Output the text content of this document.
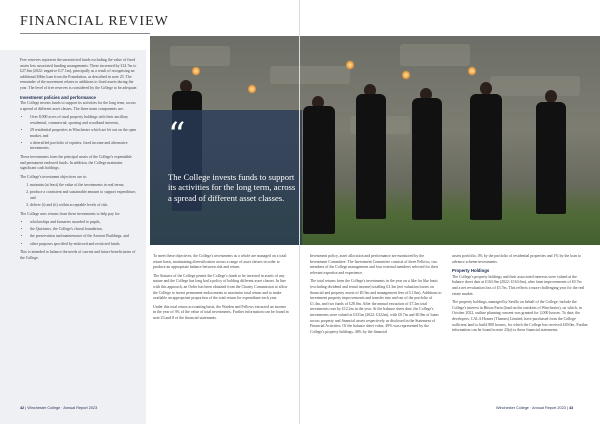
FINANCIAL REVIEW
“
The College invests funds to support its activities for the long term, across a spread of different asset classes.

Free reserves represent the unrestricted funds excluding the value of fixed assets less associated funding arrangements. These increased by £14.7m to £27.6m (2022: negative £17.1m), principally as a result of recognising an additional £60m loan from the Foundation, as described in note 23. The remainder of the movement relates to additions to fixed assets during the year. The level of free reserves is considered by the College to be adequate.

Investment policies and performance

The College invests funds to support its activities for the long term, across a spread of different asset classes. The three main components are:

• Over 8,000 acres of rural property holdings with their ancillary residential, commercial, sporting and woodland interests,
• 29 residential properties in Winchester which are let out on the open market, and
• a diversified portfolio of equities, fixed income and alternative investments.

These investments form the principal assets of the College's expendable and permanent endowed funds. In addition, the College maintains significant cash holdings.

The College's investment objectives are to:

1. maintain (at least) the value of the investments in real terms;
2. produce a consistent and sustainable amount to support expenditure, and
3. deliver (i) and (ii) within acceptable levels of risk.

The College uses returns from these investments to help pay for:

• scholarships and bursaries awarded to pupils,
• the Quiristers, the College's choral foundation,
• the preservation and maintenance of the Ancient Buildings, and
• other purposes specified by endowed and restricted funds.

This is intended to balance the needs of current and future beneficiaries of the College.	To meet these objectives, the College's investments as a whole are managed on a total return basis, maintaining diversification across a range of asset classes in order to produce an appropriate balance between risk and return.

The Statutes of the College permit the College's funds to be invested in assets of any nature and the College has long had a policy of holding different asset classes. In line with this approach, an Order has been obtained from the Charity Commission to allow the College to invest permanent endowments to maximise total return and to make available an appropriate proportion of the total return for expenditure each year.

Under this total return accounting basis, the Warden and Fellows extracted an income in the year of 3% of the value of total investments. Further information can be found in note 23 and 8 of the financial statements.

Investment policy, asset allocation and performance are monitored by the Investment Committee. The Investment Committee consists of three Fellows, two members of the College management and four external members selected for their relevant expertise and experience.

The total returns from the College's investments in the year on a like for like basis (excluding dividend and rental income) totalling £3.3m (net valuation losses on financial and property assets of £0.5m and management fees of £1.0m). Additions to investment property improvements and transfer into and out of the portfolio of £1.4m, and two funds of £28.0m. After the annual extraction of £7.2m total investments rose by £12.2m in the year. At the balance sheet date, the College's investments were valued at £331m (2022: £322m), with £0.7m and £0.8m of loans across property and financial assets respectively as disclosed in the Statement of Financial Activities. Of the balance sheet value, 49% was represented by the College's property holdings, 46% by the financial

assets portfolio, 4% by the portfolio of residential properties and 1% by the loan to advance scheme investments.

Property Holdings

The College's property holdings and their associated interests were valued at the balance sheet date at £163.0m (2022: £163.6m), after farm improvements of £0.7m and a net revaluation loss of £3.7m. This reflects a more challenging year for the real estate market.

The property holdings, managed by Savills on behalf of the College, include the College's interest in Bitton Farm (land on the outskirts of Winchester), on which, in October 2022, outline planning consent was granted for 2,000 houses. To date, the developers, CALA Homes (Thames) Limited, have purchased from the College sufficient land to build 880 houses, for which the College has received £49.0m. Further information can be found in note 23(a) to these financial statements.

42 | Winchester College · Annual Report 2023	Winchester College · Annual Report 2023 | 43
